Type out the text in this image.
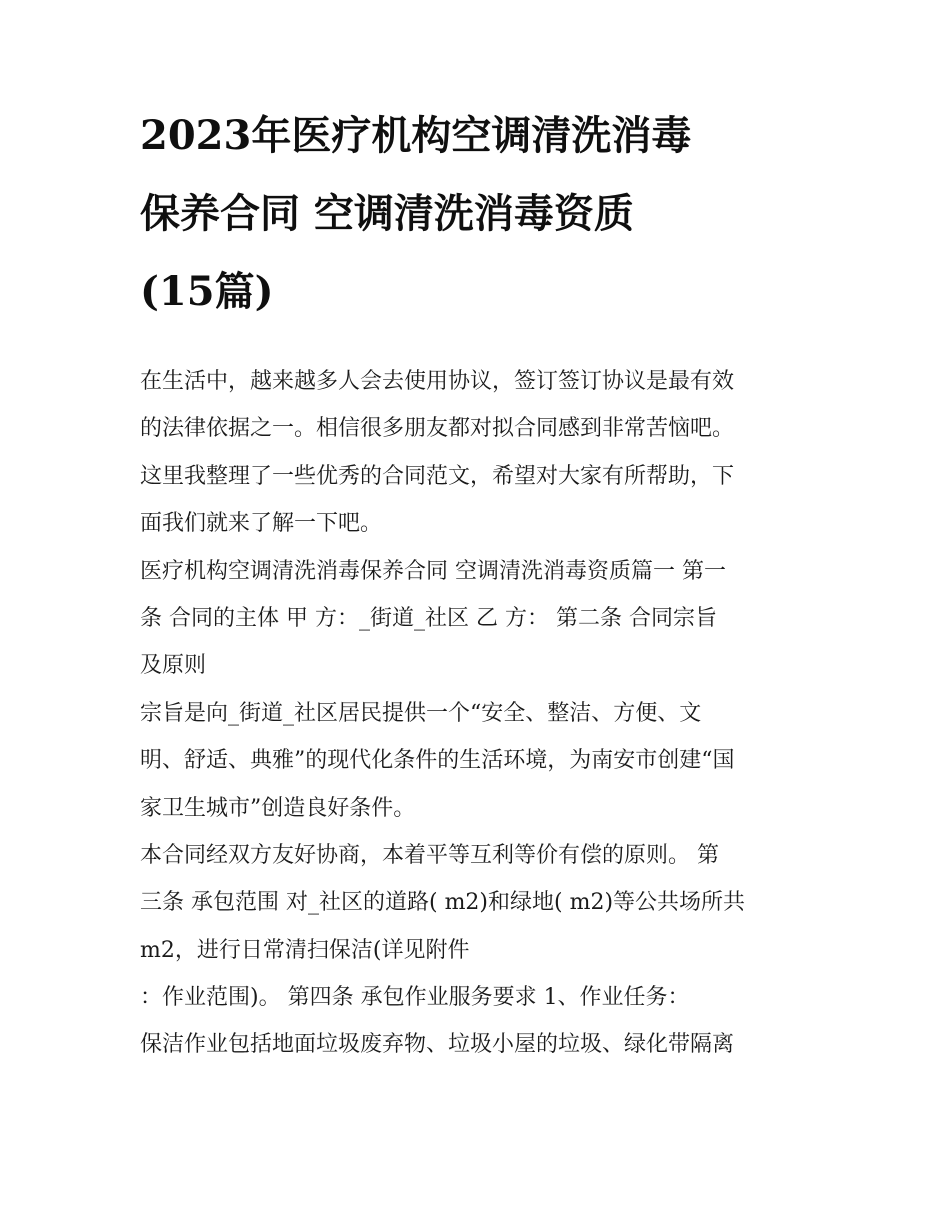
2023年医疗机构空调清洗消毒
保养合同 空调清洗消毒资质
(15篇)
在生活中，越来越多人会去使用协议，签订签订协议是最有效
的法律依据之一。相信很多朋友都对拟合同感到非常苦恼吧。
这里我整理了一些优秀的合同范文，希望对大家有所帮助，下
面我们就来了解一下吧。
医疗机构空调清洗消毒保养合同 空调清洗消毒资质篇一 第一
条 合同的主体 甲 方：_街道_社区 乙 方： 第二条 合同宗旨
及原则
宗旨是向_街道_社区居民提供一个“安全、整洁、方便、文
明、舒适、典雅”的现代化条件的生活环境，为南安市创建“国
家卫生城市”创造良好条件。
本合同经双方友好协商，本着平等互利等价有偿的原则。 第
三条 承包范围 对_社区的道路( m2)和绿地( m2)等公共场所共
m2，进行日常清扫保洁(详见附件
：作业范围)。 第四条 承包作业服务要求 1、作业任务：
保洁作业包括地面垃圾废弃物、垃圾小屋的垃圾、绿化带隔离
